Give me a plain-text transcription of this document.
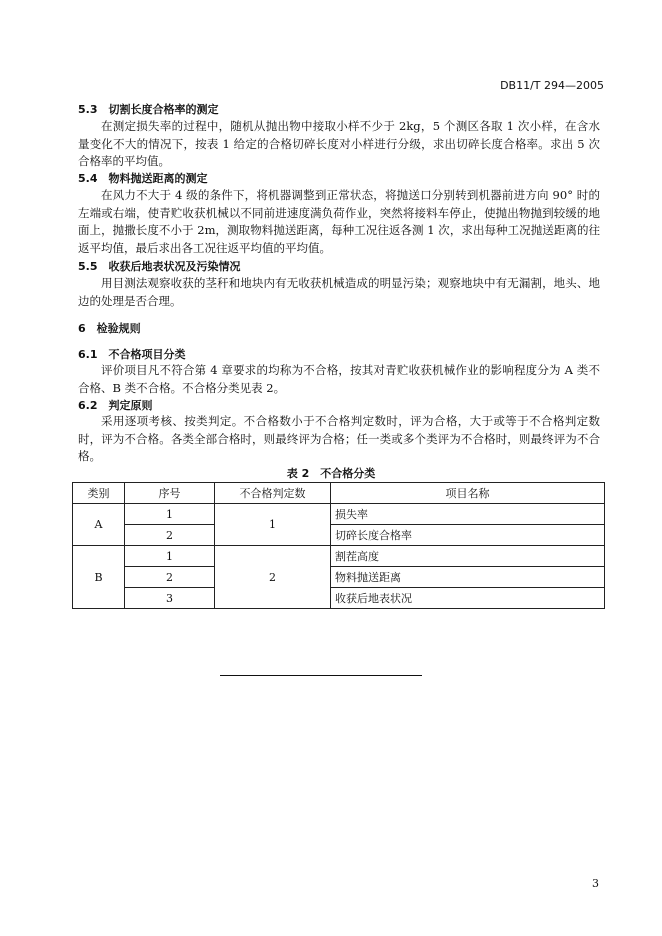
DB11/T 294—2005
5.3　切割长度合格率的测定
在测定损失率的过程中，随机从抛出物中接取小样不少于 2kg，5 个测区各取 1 次小样，在含水量变化不大的情况下，按表 1 给定的合格切碎长度对小样进行分级，求出切碎长度合格率。求出 5 次合格率的平均值。
5.4　物料抛送距离的测定
在风力不大于 4 级的条件下，将机器调整到正常状态，将抛送口分别转到机器前进方向 90° 时的左端或右端，使青贮收获机械以不同前进速度满负荷作业，突然将接料车停止，使抛出物抛到较缓的地面上，抛撒长度不小于 2m，测取物料抛送距离，每种工况往返各测 1 次，求出每种工况抛送距离的往返平均值，最后求出各工况往返平均值的平均值。
5.5　收获后地表状况及污染情况
用目测法观察收获的茎秆和地块内有无收获机械造成的明显污染；观察地块中有无漏割，地头、地边的处理是否合理。
6　检验规则
6.1　不合格项目分类
评价项目凡不符合第 4 章要求的均称为不合格，按其对青贮收获机械作业的影响程度分为 A 类不合格、B 类不合格。不合格分类见表 2。
6.2　判定原则
采用逐项考核、按类判定。不合格数小于不合格判定数时，评为合格，大于或等于不合格判定数时，评为不合格。各类全部合格时，则最终评为合格；任一类或多个类评为不合格时，则最终评为不合格。
表 2　不合格分类
类别	序号	不合格判定数	项目名称
A	1	1	损失率
	2		切碎长度合格率
B	1	2	割茬高度
	2		物料抛送距离
	3		收获后地表状况
3
